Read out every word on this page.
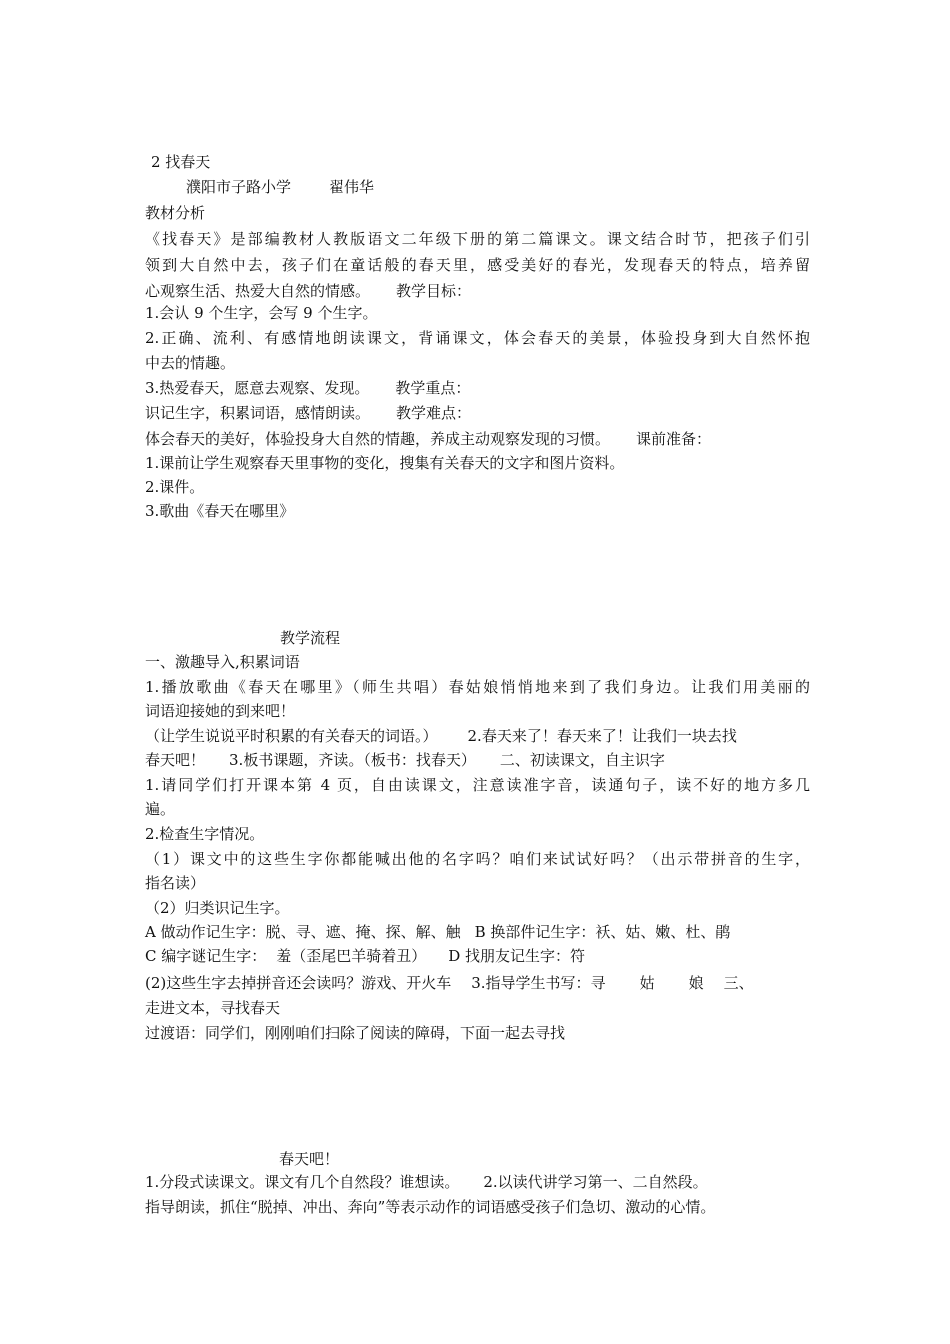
2 找春天
濮阳市子路小学	翟伟华
教材分析
《找春天》是部编教材人教版语文二年级下册的第二篇课文。课文结合时节，把孩子们引
领到大自然中去，孩子们在童话般的春天里，感受美好的春光，发现春天的特点，培养留
心观察生活、热爱大自然的情感。 教学目标：
1.会认 9 个生字，会写 9 个生字。
2.正确、流利、有感情地朗读课文，背诵课文，体会春天的美景，体验投身到大自然怀抱
中去的情趣。
3.热爱春天，愿意去观察、发现。 教学重点：
识记生字，积累词语，感情朗读。 教学难点：
体会春天的美好，体验投身大自然的情趣，养成主动观察发现的习惯。 课前准备：
1.课前让学生观察春天里事物的变化，搜集有关春天的文字和图片资料。
2.课件。
3.歌曲《春天在哪里》
教学流程
一、激趣导入,积累词语
1.播放歌曲《春天在哪里》（师生共唱）春姑娘悄悄地来到了我们身边。让我们用美丽的
词语迎接她的到来吧！
（让学生说说平时积累的有关春天的词语。） 2.春天来了！春天来了！让我们一块去找
春天吧！ 3.板书课题，齐读。（板书：找春天） 二、初读课文，自主识字
1.请同学们打开课本第 4 页，自由读课文，注意读准字音，读通句子，读不好的地方多几
遍。
2.检查生字情况。
（1）课文中的这些生字你都能喊出他的名字吗？咱们来试试好吗？（出示带拼音的生字，
指名读）
（2）归类识记生字。
A 做动作记生字：脱、寻、遮、掩、探、解、触 B 换部件记生字：袄、姑、嫩、杜、鹃
C 编字谜记生字： 羞（歪尾巴羊骑着丑） D 找朋友记生字：符
(2)这些生字去掉拼音还会读吗？游戏、开火车 3.指导学生书写：寻 姑 娘 三、
走进文本，寻找春天
过渡语：同学们，刚刚咱们扫除了阅读的障碍，下面一起去寻找
春天吧！
1.分段式读课文。课文有几个自然段？谁想读。 2.以读代讲学习第一、二自然段。
指导朗读，抓住“脱掉、冲出、奔向”等表示动作的词语感受孩子们急切、激动的心情。
